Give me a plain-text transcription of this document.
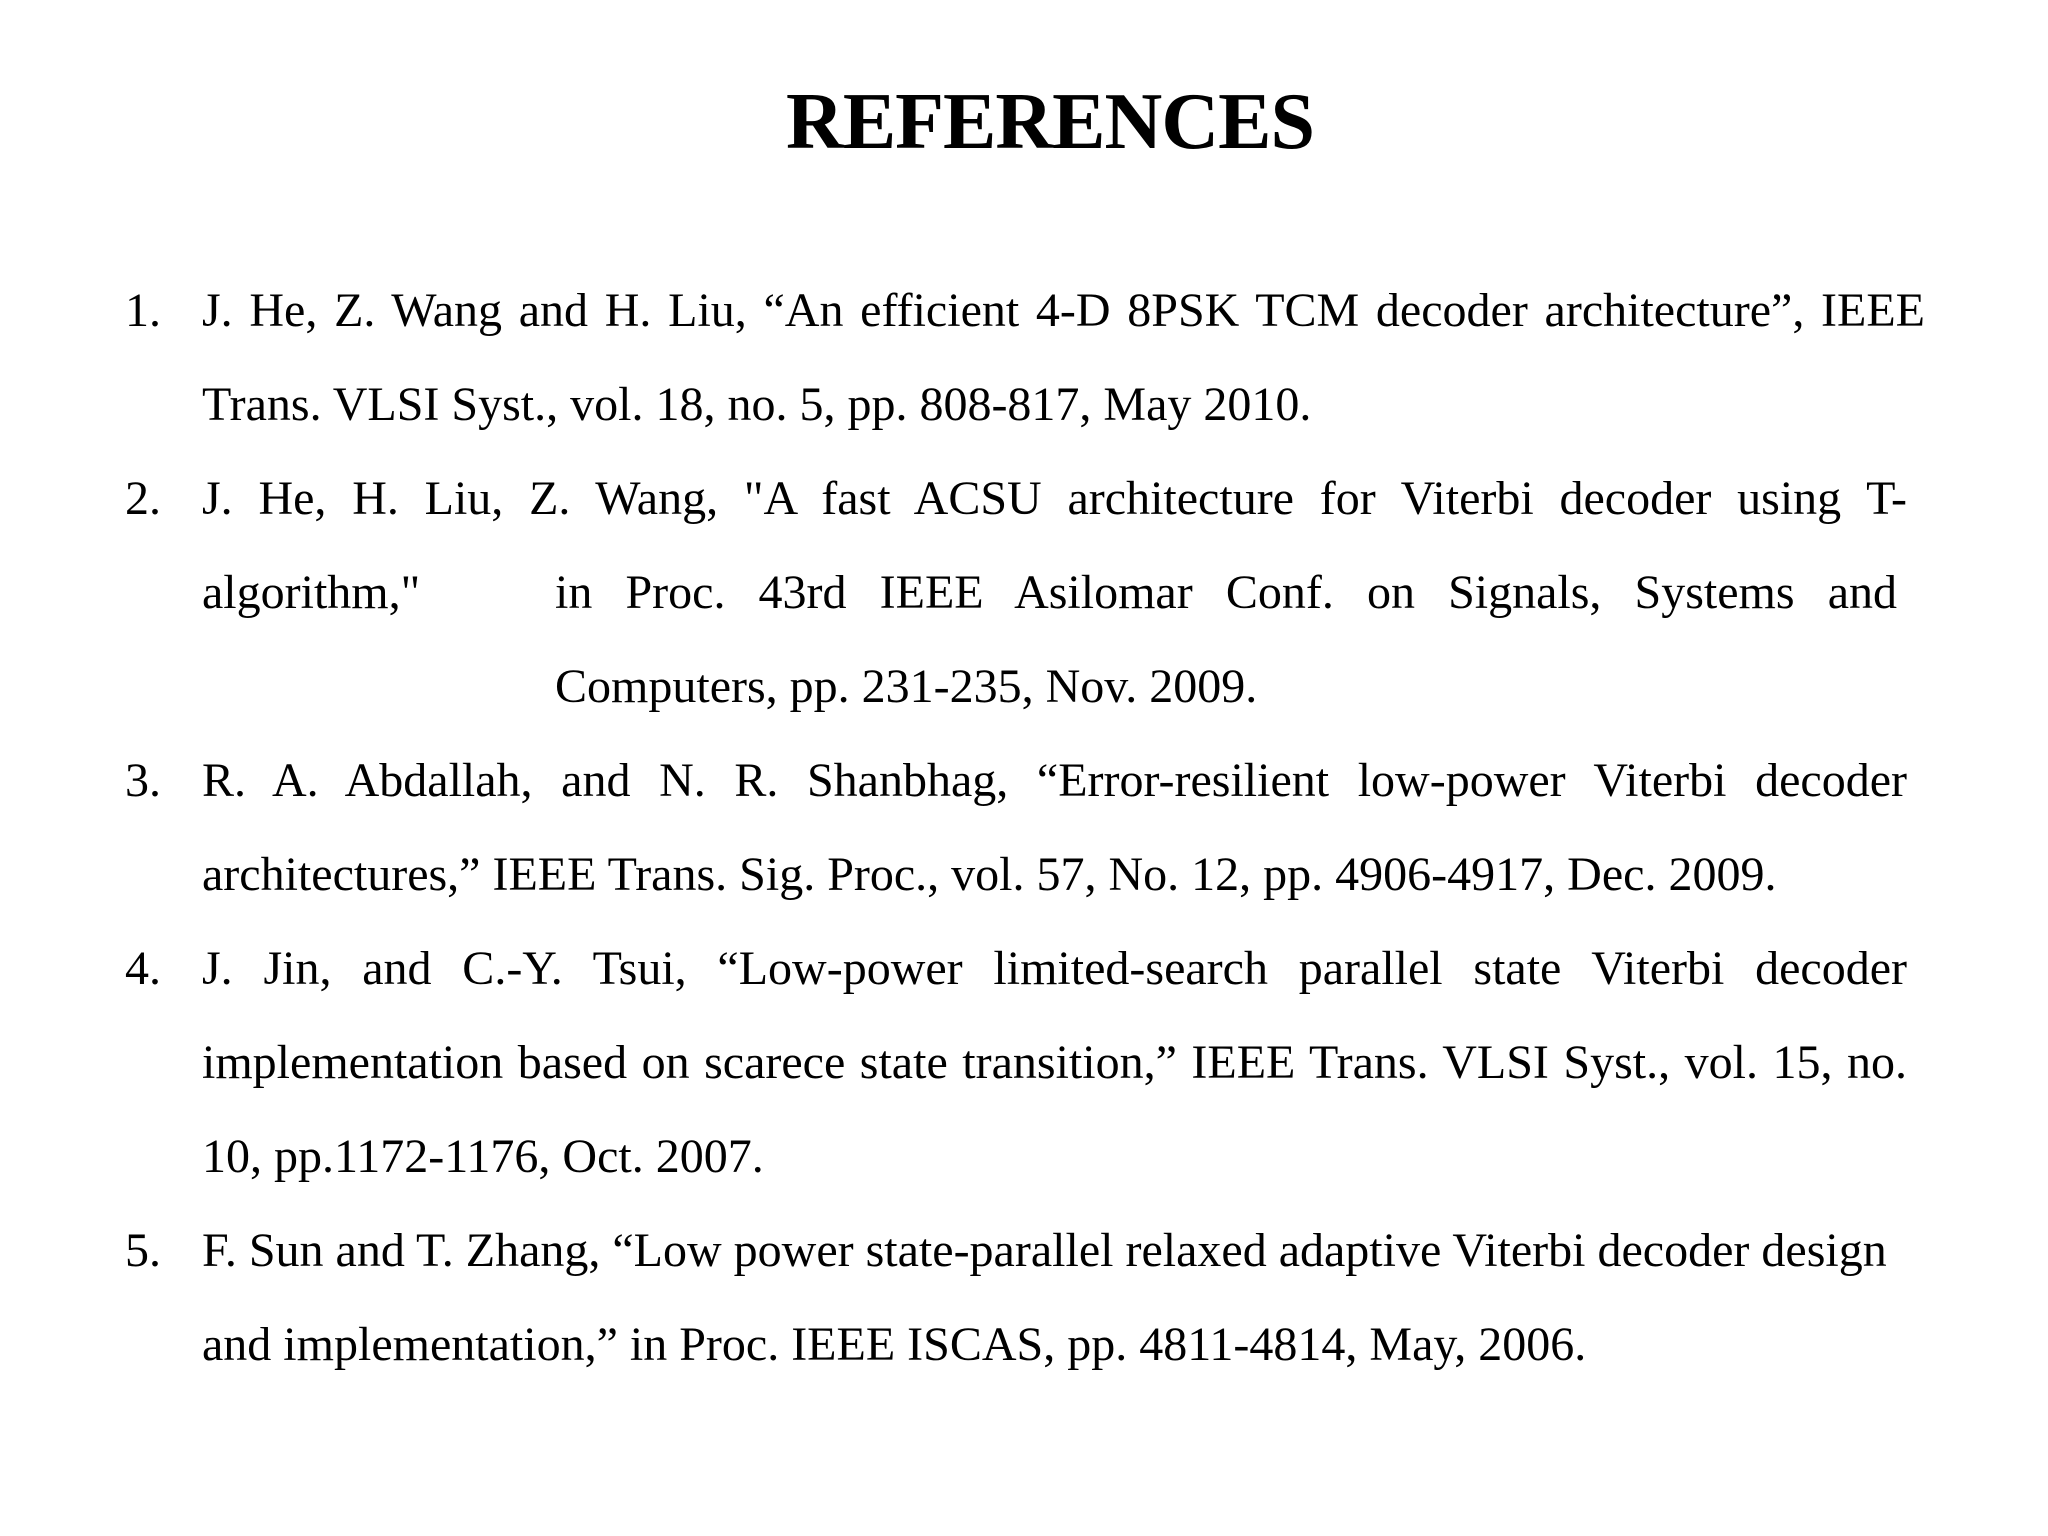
REFERENCES
1. J. He, Z. Wang and H. Liu, “An efficient 4-D 8PSK TCM decoder architecture”, IEEE Trans. VLSI Syst., vol. 18, no. 5, pp. 808-817, May 2010.
2. J. He, H. Liu, Z. Wang, "A fast ACSU architecture for Viterbi decoder using T-
algorithm,"	in Proc. 43rd IEEE Asilomar Conf. on Signals, Systems and Computers, pp. 231-235, Nov. 2009.
3. R. A. Abdallah, and N. R. Shanbhag, “Error-resilient low-power Viterbi decoder architectures,” IEEE Trans. Sig. Proc., vol. 57, No. 12, pp. 4906-4917, Dec. 2009.
4. J. Jin, and C.-Y. Tsui, “Low-power limited-search parallel state Viterbi decoder implementation based on scarece state transition,” IEEE Trans. VLSI Syst., vol. 15, no. 10, pp.1172-1176, Oct. 2007.
5. F. Sun and T. Zhang, “Low power state-parallel relaxed adaptive Viterbi decoder design and implementation,” in Proc. IEEE ISCAS, pp. 4811-4814, May, 2006.
